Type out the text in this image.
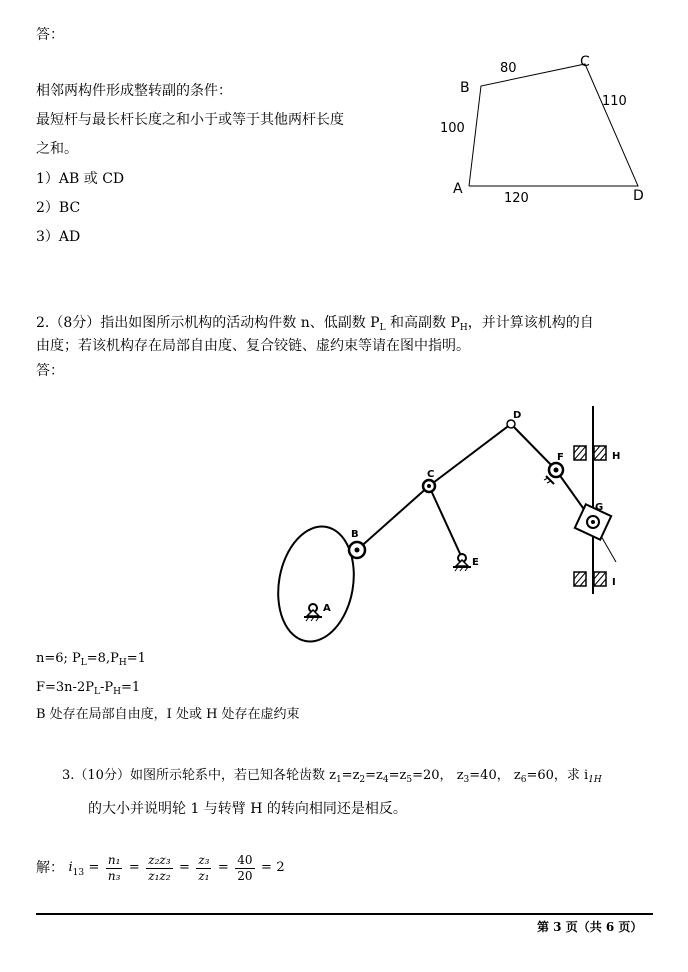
答：
相邻两构件形成整转副的条件：
最短杆与最长杆长度之和小于或等于其他两杆长度
之和。
1）AB 或 CD
2）BC
3）AD
A
B
C
D
80
110
100
120
2.（8分）指出如图所示机构的活动构件数 n、低副数 $P_L$ 和高副数 $P_H$，并计算该机构的自
由度；若该机构存在局部自由度、复合铰链、虚约束等请在图中指明。
答：
A
B
C
D
E
F
G
H
I
n=6; $P_L=8,P_H=1$
$F=3n-2P_L-P_H=1$
B 处存在局部自由度，I 处或 H 处存在虚约束
3.（10分）如图所示轮系中，若已知各轮齿数 $z_1=z_2=z_4=z_5=20$， $z_3=40$， $z_6=60$，求 $i_{1H}$
的大小并说明轮 1 与转臂 H 的转向相同还是相反。
解： $i_{13} = \frac{\text{n₁}}{\text{n₃}} = \frac{\text{z₂z₃}}{\text{z₁z₂}} = \frac{\text{z₃}}{\text{z₁}} = \frac{40}{20} = 2$
第 3 页（共 6 页）
